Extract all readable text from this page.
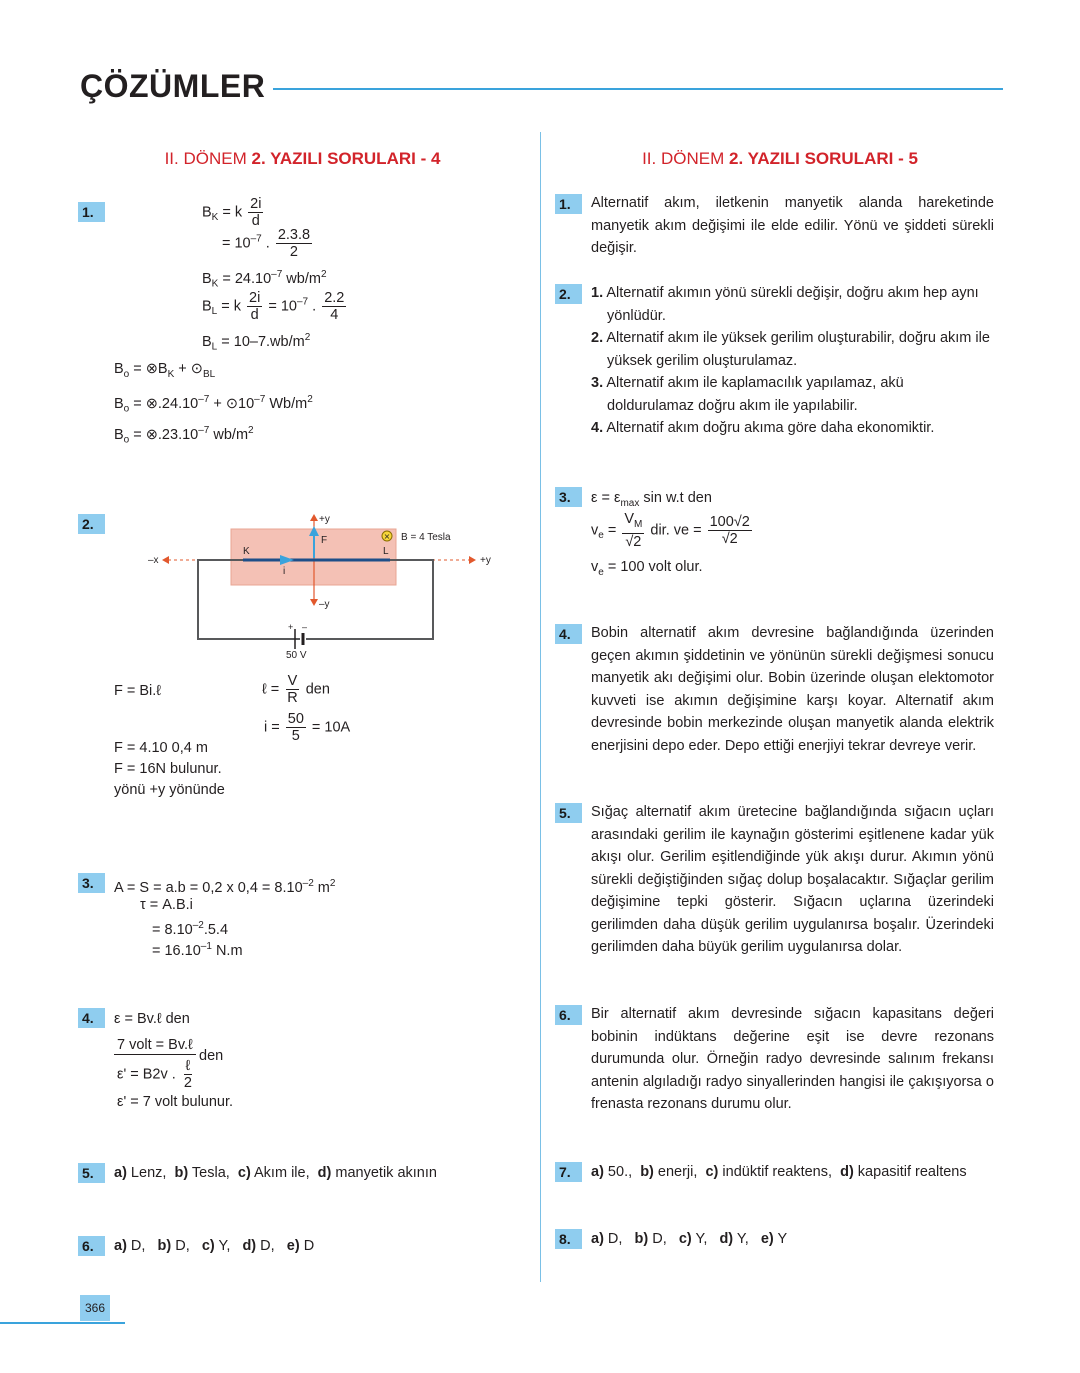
ÇÖZÜMLER
II. DÖNEM 2. YAZILI SORULARI - 4
1.	$B_K = k \frac{2i}{d}$
= $10^{-7}$ . $\frac{2.3.8}{2}$
$B_K = 24.10^{-7}$ $wb/m^2$
$B_L = k \frac{2i}{d} = 10^{-7}$ . $\frac{2.2}{4}$
$B_L = 10-7.wb/m^2$
$B_o$ = $\otimes B_K$ + $⊙_{BL}$
$B_o$ = $\otimes.24.10^{-7}$ + $⊙10^{-7}$ $Wb/m^2$
$B_o$ = $\otimes.23.10^{-7}$ $wb/m^2$
2.
×
+y
–y
–x	+y
F
K	L
i
B = 4 Tesla
+ –
50 V
F = Bi.ℓ	ℓ = $\frac{V}{R}$ den
$i = \frac{50}{5} = 10A$
F = 4.10 0,4 m
F = 16N bulunur.
yönü +y yönünde
3.	A = S = a.b = 0,2 x $0,4 = 8.10^{-2}$ $m^2$
τ = A.B.i
= $8.10^{-2}.5.4$
= $16.10^{-1}$ N.m
4.	ε = Bv.ℓ den
7 volt = Bv.ℓ
den
ε' = B2v . $\frac{\text{ℓ}}{2}$
ε' = 7 volt bulunur.
5.	a) Lenz, b) Tesla, c) Akım ile, d) manyetik akının
6.	a) D, b) D, c) Y, d) D, e) D
II. DÖNEM 2. YAZILI SORULARI - 5
1.	Alternatif akım, iletkenin manyetik alanda hareketinde manyetik akım değişimi ile elde edilir. Yönü ve şiddeti sürekli değişir.
2.	1. Alternatif akımın yönü sürekli değişir, doğru akım hep aynı yönlüdür.
2. Alternatif akım ile yüksek gerilim oluşturabilir, doğru akım ile yüksek gerilim oluşturulamaz.
3. Alternatif akım ile kaplamacılık yapılamaz, akü doldurulamaz doğru akım ile yapılabilir.
4. Alternatif akım doğru akıma göre daha ekonomiktir.
3.	$\varepsilon = \varepsilon_{max}$ sin w.t den
$v_e = \frac{V_M}{√2}$ dir. ve = $\frac{100√2}{√2}$
$v_e = 100$ volt olur.
4.	Bobin alternatif akım devresine bağlandığında üzerinden geçen akımın şiddetinin ve yönünün sürekli değişmesi sonucu manyetik akı değişimi olur. Bobin üzerinde oluşan elektomotor kuvveti ise akımın değişimine karşı koyar. Alternatif akım devresinde bobin merkezinde oluşan manyetik alanda elektrik enerjisini depo eder. Depo ettiği enerjiyi tekrar devreye verir.
5.	Sığaç alternatif akım üretecine bağlandığında sığacın uçları arasındaki gerilim ile kaynağın gösterimi eşitlenene kadar yük akışı olur. Gerilim eşitlendiğinde yük akışı durur. Akımın yönü sürekli değiştiğinden sığaç dolup boşalacaktır. Sığaçlar gerilim değişimine tepki gösterir. Sığacın uçlarına üzerindeki gerilimden daha düşük gerilim uygulanırsa boşalır. Üzerindeki gerilimden daha büyük gerilim uygulanırsa dolar.
6.	Bir alternatif akım devresinde sığacın kapasitans değeri bobinin indüktans değerine eşit ise devre rezonans durumunda olur. Örneğin radyo devresinde salınım frekansı antenin algıladığı radyo sinyallerinden hangisi ile çakışıyorsa o frenasta rezonans durumu olur.
7.	a) 50., b) enerji, c) indüktif reaktens, d) kapasitif realtens
8.	a) D, b) D, c) Y, d) Y, e) Y
366
